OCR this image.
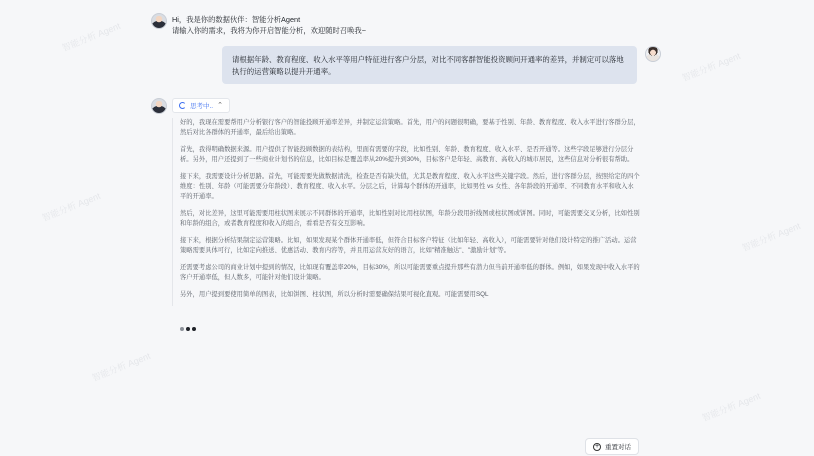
智能分析 Agent
智能分析 Agent
智能分析 Agent
智能分析 Agent
智能分析 Agent
智能分析 Agent
Hi，我是你的数据伙伴：智能分析Agent
请输入你的需求，我将为你开启智能分析，欢迎随时召唤我~
请根据年龄、教育程度、收入水平等用户特征进行客户分层，对比不同客群智能投资顾问开通率的差异，并制定可以落地执行的运营策略以提升开通率。
思考中.. ⌃

好的，我现在需要帮用户分析银行客户的智能投顾开通率差异，并制定运营策略。首先，用户的问题很明确，要基于性别、年龄、教育程度、收入水平进行客群分层，然后对比各群体的开通率，最后给出策略。

首先，我得明确数据来源。用户提供了智能投顾数据的表结构，里面有需要的字段，比如性别、年龄、教育程度、收入水平、是否开通等。这些字段足够进行分层分析。另外，用户还提到了一些商业计划书的信息，比如目标是覆盖率从20%提升到30%，目标客户是年轻、高教育、高收入的城市居民，这些信息对分析很有帮助。

接下来，我需要设计分析思路。首先，可能需要先做数据清洗，检查是否有缺失值，尤其是教育程度、收入水平这些关键字段。然后，进行客群分层，按照给定的四个维度：性别、年龄（可能需要分年龄段）、教育程度、收入水平。分层之后，计算每个群体的开通率，比如男性 vs 女性、各年龄段的开通率、不同教育水平和收入水平的开通率。

然后，对比差异，这里可能需要用柱状图来展示不同群体的开通率，比如性别对比用柱状图，年龄分段用折线图或柱状图或饼图。同时，可能需要交叉分析，比如性别和年龄的组合，或者教育程度和收入的组合，看看是否有交互影响。

接下来，根据分析结果制定运营策略。比如，如果发现某个群体开通率低，但符合目标客户特征（比如年轻、高收入），可能需要针对他们设计特定的推广活动。运营策略需要具体可行，比如定向推送、优惠活动、教育内容等，并且用运营友好的语言，比如"精准触达"、"激励计划"等。

还需要考虑公司的商业计划中提到的情况，比如现有覆盖率20%，目标30%，所以可能需要重点提升那些有潜力但当前开通率低的群体。例如，如果发现中收入水平的客户开通率低，但人数多，可能针对他们设计策略。

另外，用户提到要使用简单的图表，比如饼图、柱状图，所以分析时需要确保结果可视化直观。可能需要用SQL

+ 重置对话
